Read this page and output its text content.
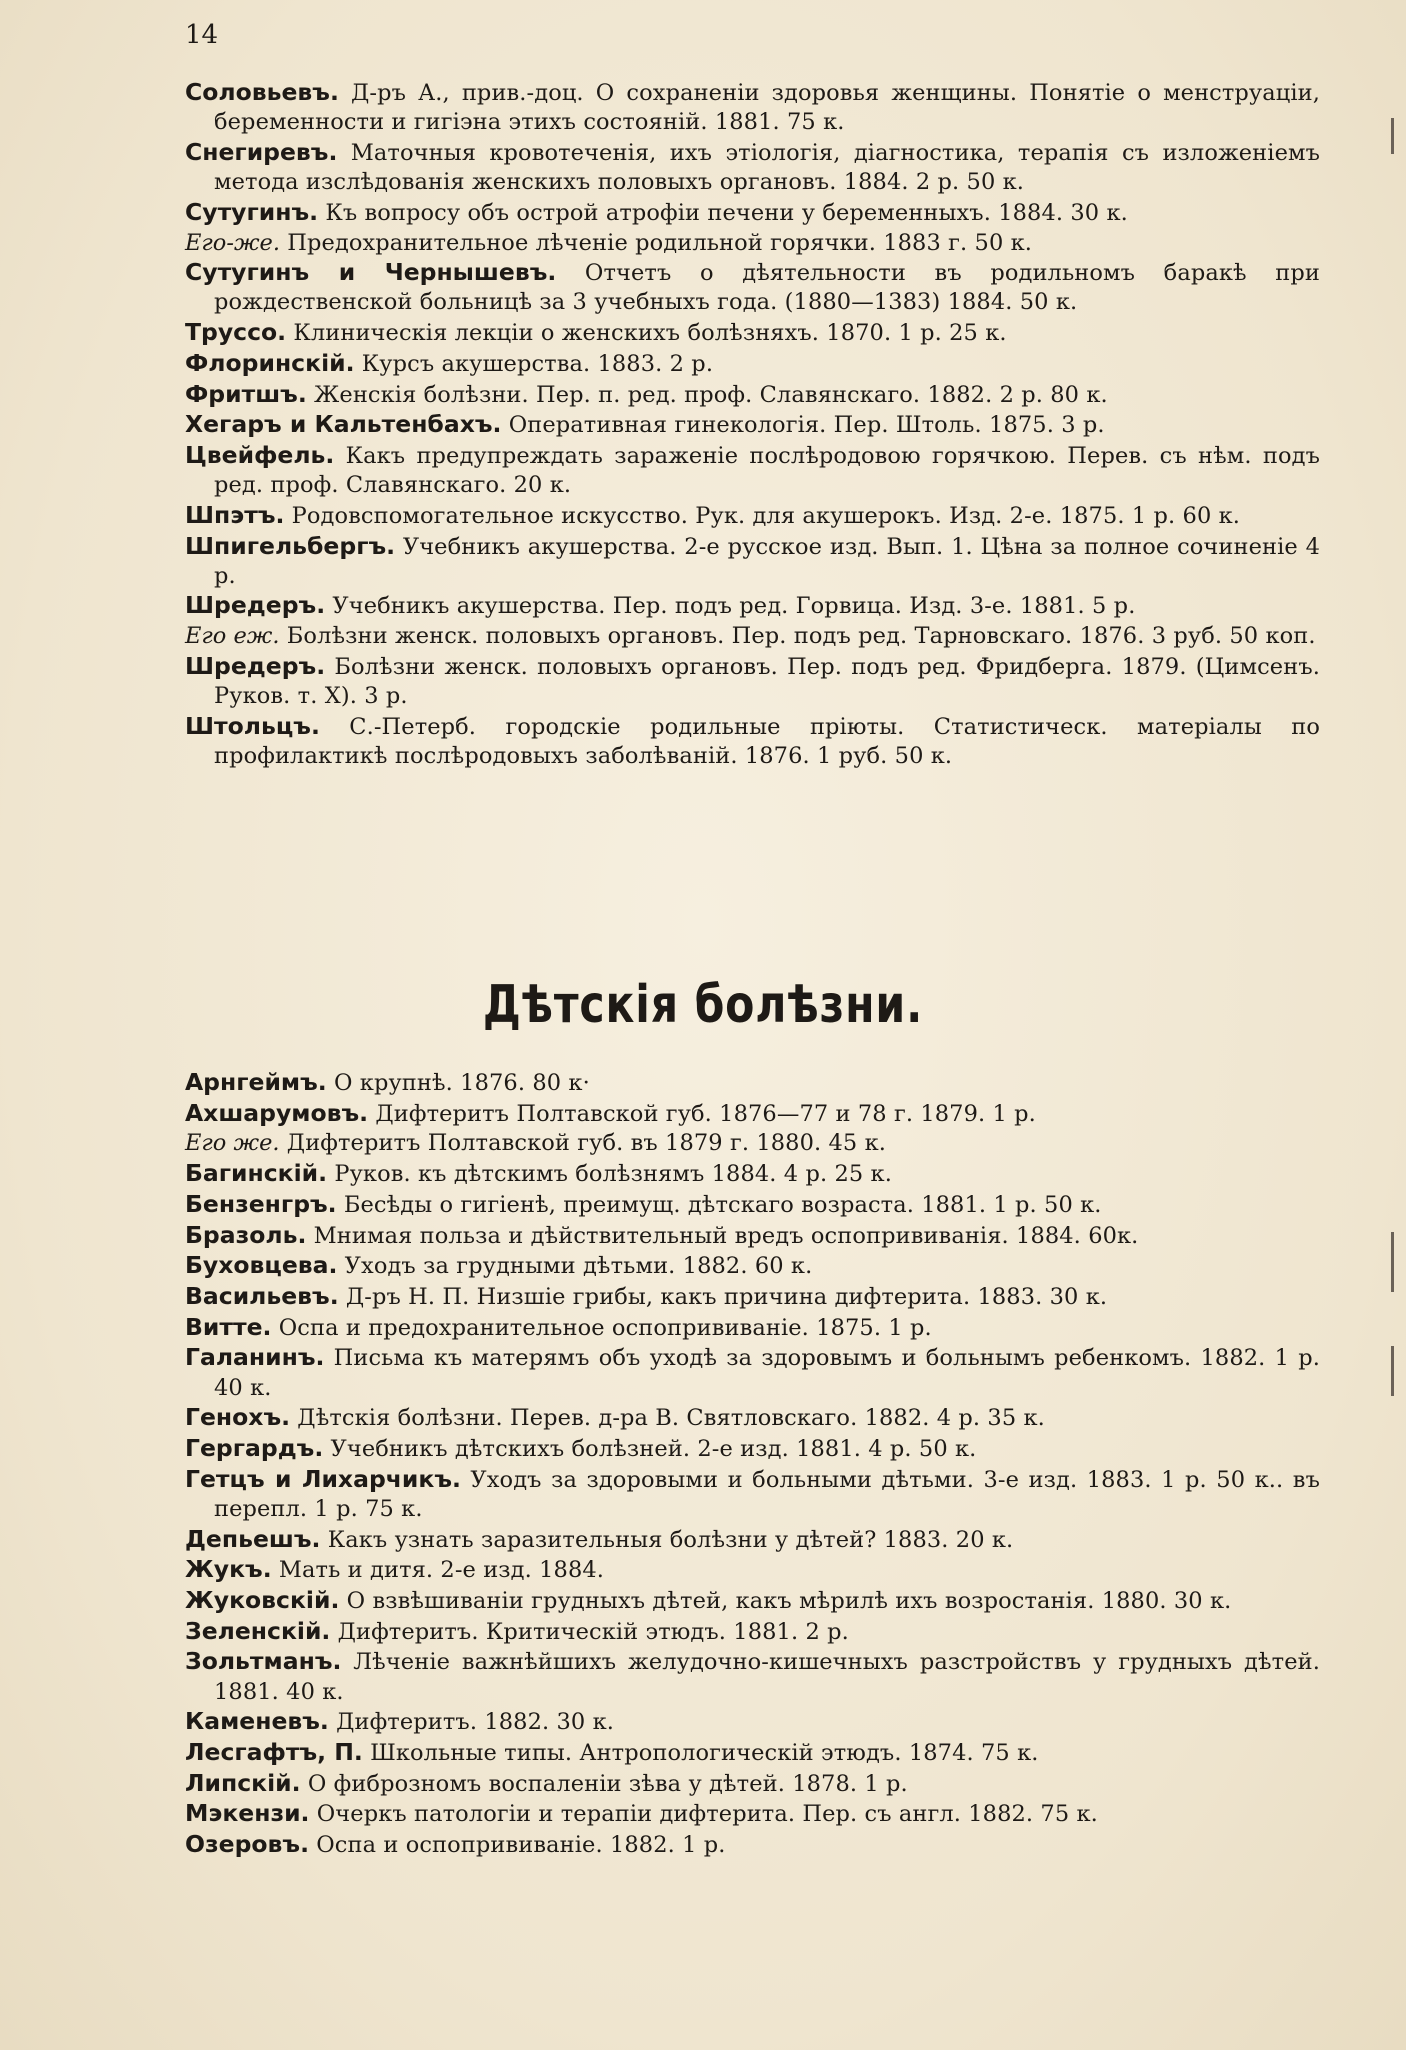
14

Соловьевъ. Д-ръ А., прив.-доц. О сохраненіи здоровья женщины. Понятіе о менструаціи, беременности и гигіэна этихъ состояній. 1881. 75 к.

Снегиревъ. Маточныя кровотеченія, ихъ этіологія, діагностика, терапія съ изложеніемъ метода изслѣдованія женскихъ половыхъ органовъ. 1884. 2 р. 50 к.

Сутугинъ. Къ вопросу объ острой атрофіи печени у беременныхъ. 1884. 30 к.

Его-же. Предохранительное лѣченіе родильной горячки. 1883 г. 50 к.

Сутугинъ и Чернышевъ. Отчетъ о дѣятельности въ родильномъ баракѣ при рождественской больницѣ за 3 учебныхъ года. (1880—1383) 1884. 50 к.

Труссо. Клиническія лекціи о женскихъ болѣзняхъ. 1870. 1 р. 25 к.

Флоринскій. Курсъ акушерства. 1883. 2 р.

Фритшъ. Женскія болѣзни. Пер. п. ред. проф. Славянскаго. 1882. 2 р. 80 к.

Хегаръ и Кальтенбахъ. Оперативная гинекологія. Пер. Штоль. 1875. 3 р.

Цвейфель. Какъ предупреждать зараженіе послѣродовою горячкою. Перев. съ нѣм. подъ ред. проф. Славянскаго. 20 к.

Шпэтъ. Родовспомогательное искусство. Рук. для акушерокъ. Изд. 2-е. 1875. 1 р. 60 к.

Шпигельбергъ. Учебникъ акушерства. 2-е русское изд. Вып. 1. Цѣна за полное сочиненіе 4 р.

Шредеръ. Учебникъ акушерства. Пер. подъ ред. Горвица. Изд. 3-е. 1881. 5 р.

Его еж. Болѣзни женск. половыхъ органовъ. Пер. подъ ред. Тарновскаго. 1876. 3 руб. 50 коп.

Шредеръ. Болѣзни женск. половыхъ органовъ. Пер. подъ ред. Фридберга. 1879. (Цимсенъ. Руков. т. X). 3 р.

Штольцъ. С.-Петерб. городскіе родильные пріюты. Статистическ. матеріалы по профилактикѣ послѣродовыхъ заболѣваній. 1876. 1 руб. 50 к.

Дѣтскія болѣзни.

Арнгеймъ. О крупнѣ. 1876. 80 к·

Ахшарумовъ. Дифтеритъ Полтавской губ. 1876—77 и 78 г. 1879. 1 р.

Его же. Дифтеритъ Полтавской губ. въ 1879 г. 1880. 45 к.

Багинскій. Руков. къ дѣтскимъ болѣзнямъ 1884. 4 р. 25 к.

Бензенгръ. Бесѣды о гигіенѣ, преимущ. дѣтскаго возраста. 1881. 1 р. 50 к.

Бразоль. Мнимая польза и дѣйствительный вредъ оспопрививанія. 1884. 60к.

Буховцева. Уходъ за грудными дѣтьми. 1882. 60 к.

Васильевъ. Д-ръ Н. П. Низшіе грибы, какъ причина дифтерита. 1883. 30 к.

Витте. Оспа и предохранительное оспопрививаніе. 1875. 1 р.

Галанинъ. Письма къ матерямъ объ уходѣ за здоровымъ и больнымъ ребенкомъ. 1882. 1 р. 40 к.

Генохъ. Дѣтскія болѣзни. Перев. д-ра В. Святловскаго. 1882. 4 р. 35 к.

Гергардъ. Учебникъ дѣтскихъ болѣзней. 2-е изд. 1881. 4 р. 50 к.

Гетцъ и Лихарчикъ. Уходъ за здоровыми и больными дѣтьми. 3-е изд. 1883. 1 р. 50 к.. въ перепл. 1 р. 75 к.

Депьешъ. Какъ узнать заразительныя болѣзни у дѣтей? 1883. 20 к.

Жукъ. Мать и дитя. 2-е изд. 1884.

Жуковскій. О взвѣшиваніи грудныхъ дѣтей, какъ мѣрилѣ ихъ возростанія. 1880. 30 к.

Зеленскій. Дифтеритъ. Критическій этюдъ. 1881. 2 р.

Зольтманъ. Лѣченіе важнѣйшихъ желудочно-кишечныхъ разстройствъ у грудныхъ дѣтей. 1881. 40 к.

Каменевъ. Дифтеритъ. 1882. 30 к.

Лесгафтъ, П. Школьные типы. Антропологическій этюдъ. 1874. 75 к.

Липскій. О фиброзномъ воспаленіи зѣва у дѣтей. 1878. 1 р.

Мэкензи. Очеркъ патологіи и терапіи дифтерита. Пер. съ англ. 1882. 75 к.

Озеровъ. Оспа и оспопрививаніе. 1882. 1 р.
